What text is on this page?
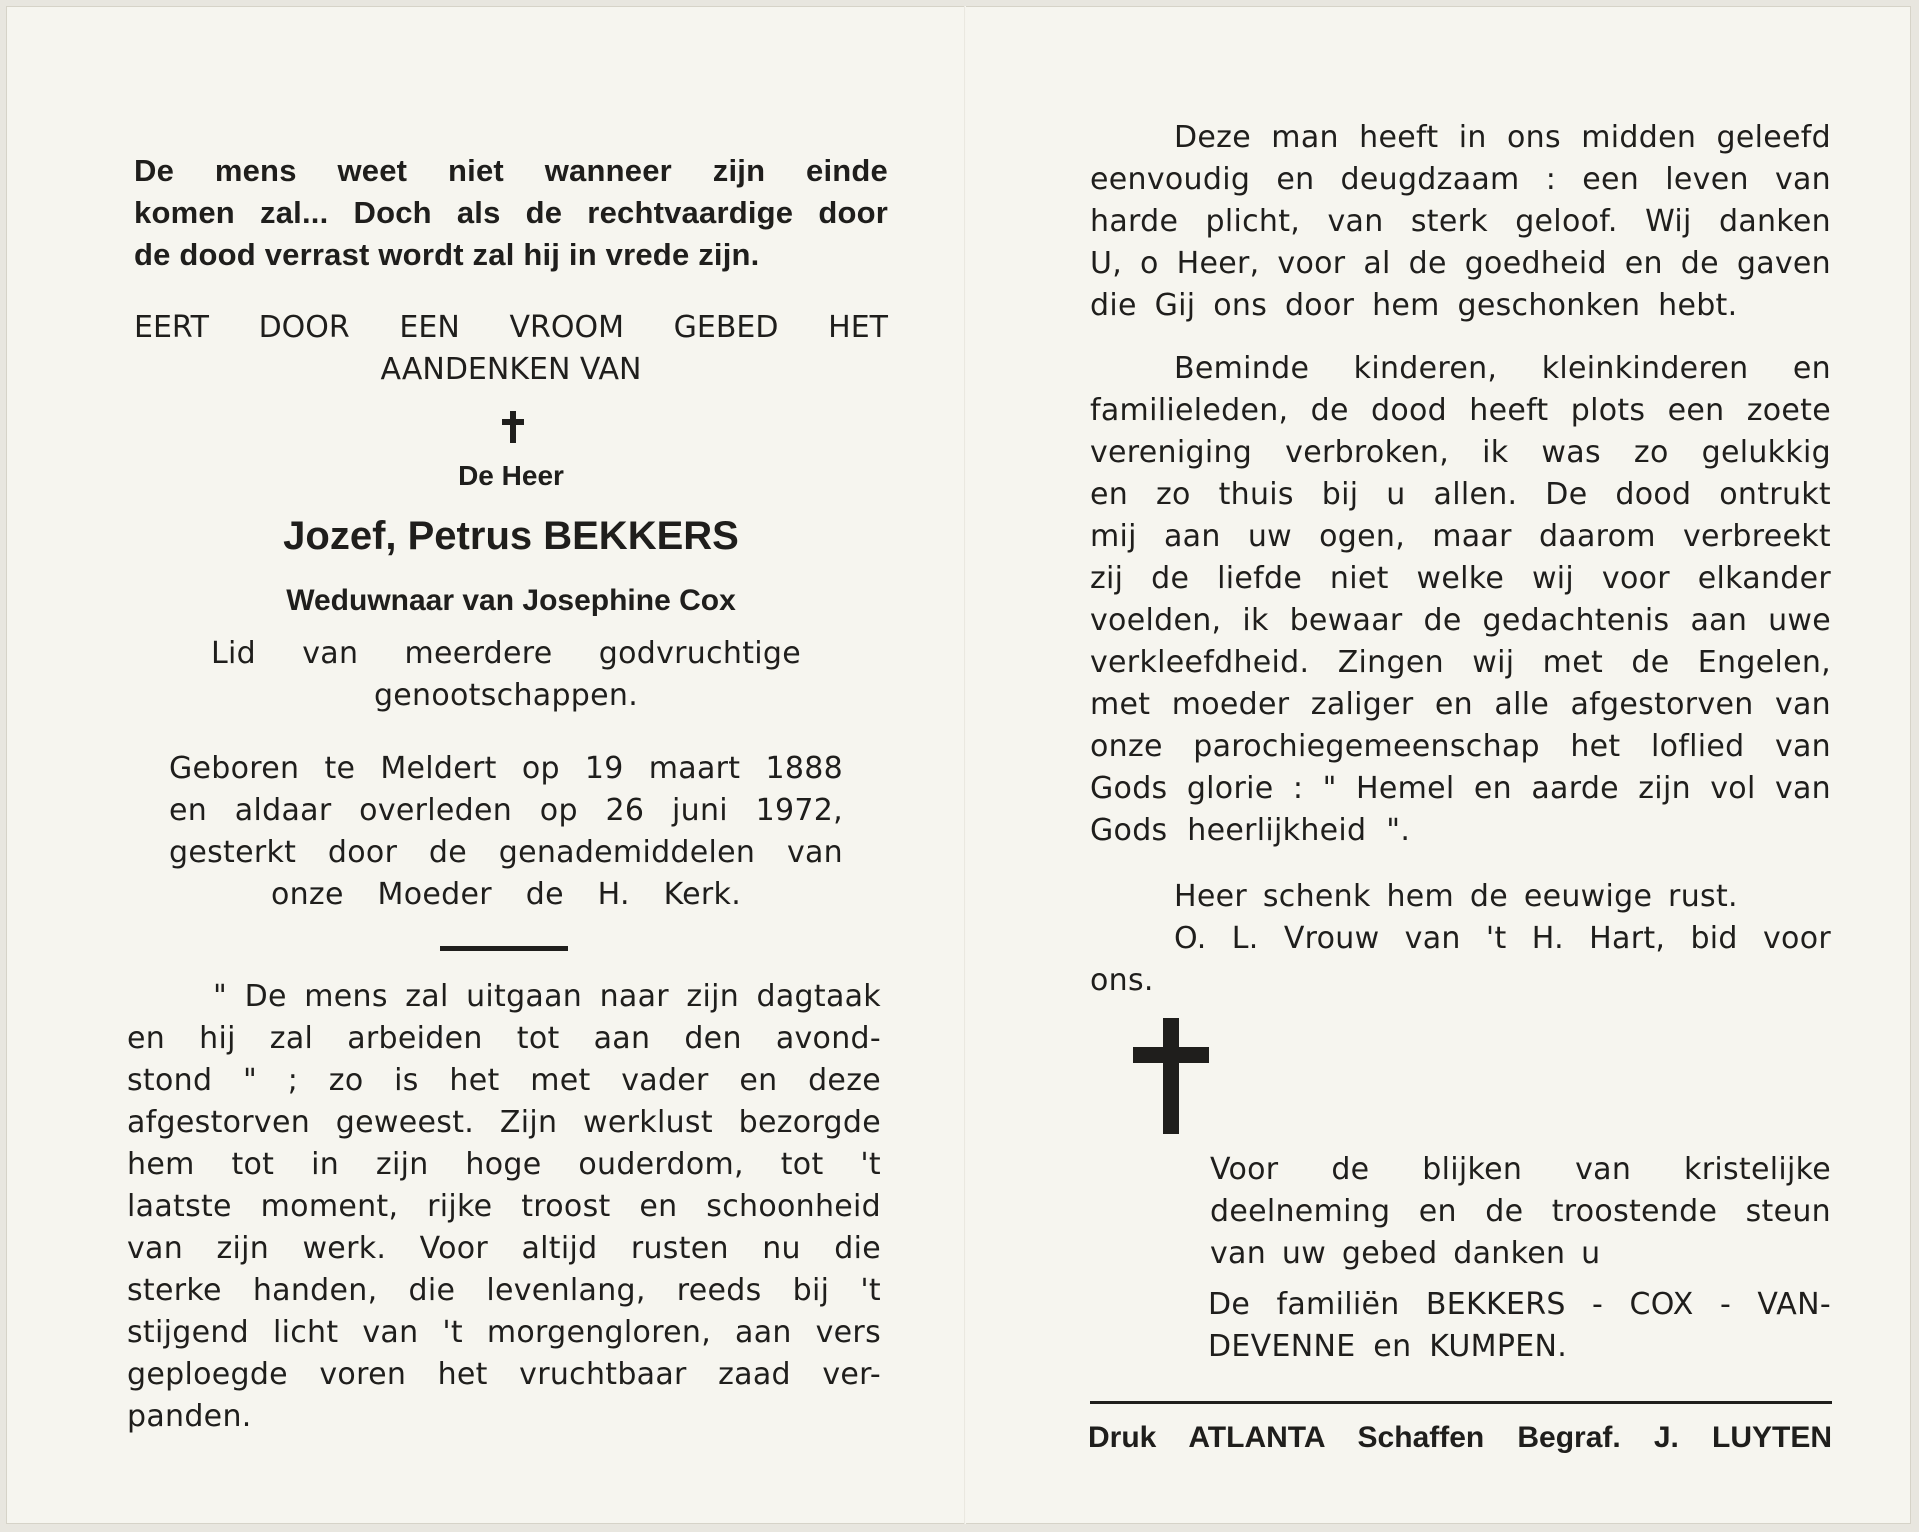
De mens weet niet wanneer zijn einde

komen zal... Doch als de rechtvaardige door

de dood verrast wordt zal hij in vrede zijn.

EERT DOOR EEN VROOM GEBED HET

AANDENKEN VAN

De Heer

Jozef, Petrus BEKKERS

Weduwnaar van Josephine Cox

Lid van meerdere godvruchtige

genootschappen.

Geboren te Meldert op 19 maart 1888

en aldaar overleden op 26 juni 1972,

gesterkt door de genademiddelen van

onze Moeder de H. Kerk.

" De mens zal uitgaan naar zijn dagtaak

en hij zal arbeiden tot aan den avond-

stond " ; zo is het met vader en deze

afgestorven geweest. Zijn werklust bezorgde

hem tot in zijn hoge ouderdom, tot 't

laatste moment, rijke troost en schoonheid

van zijn werk. Voor altijd rusten nu die

sterke handen, die levenlang, reeds bij 't

stijgend licht van 't morgengloren, aan vers

geploegde voren het vruchtbaar zaad ver-

panden.

Deze man heeft in ons midden geleefd

eenvoudig en deugdzaam : een leven van

harde plicht, van sterk geloof. Wij danken

U, o Heer, voor al de goedheid en de gaven

die Gij ons door hem geschonken hebt.

Beminde kinderen, kleinkinderen en

familieleden, de dood heeft plots een zoete

vereniging verbroken, ik was zo gelukkig

en zo thuis bij u allen. De dood ontrukt

mij aan uw ogen, maar daarom verbreekt

zij de liefde niet welke wij voor elkander

voelden, ik bewaar de gedachtenis aan uwe

verkleefdheid. Zingen wij met de Engelen,

met moeder zaliger en alle afgestorven van

onze parochiegemeenschap het loflied van

Gods glorie : " Hemel en aarde zijn vol van

Gods heerlijkheid ".

Heer schenk hem de eeuwige rust.

O. L. Vrouw van 't H. Hart, bid voor

ons.

Voor de blijken van kristelijke

deelneming en de troostende steun

van uw gebed danken u

De familiën BEKKERS - COX - VAN-

DEVENNE en KUMPEN.

Druk ATLANTA Schaffen Begraf. J. LUYTEN
